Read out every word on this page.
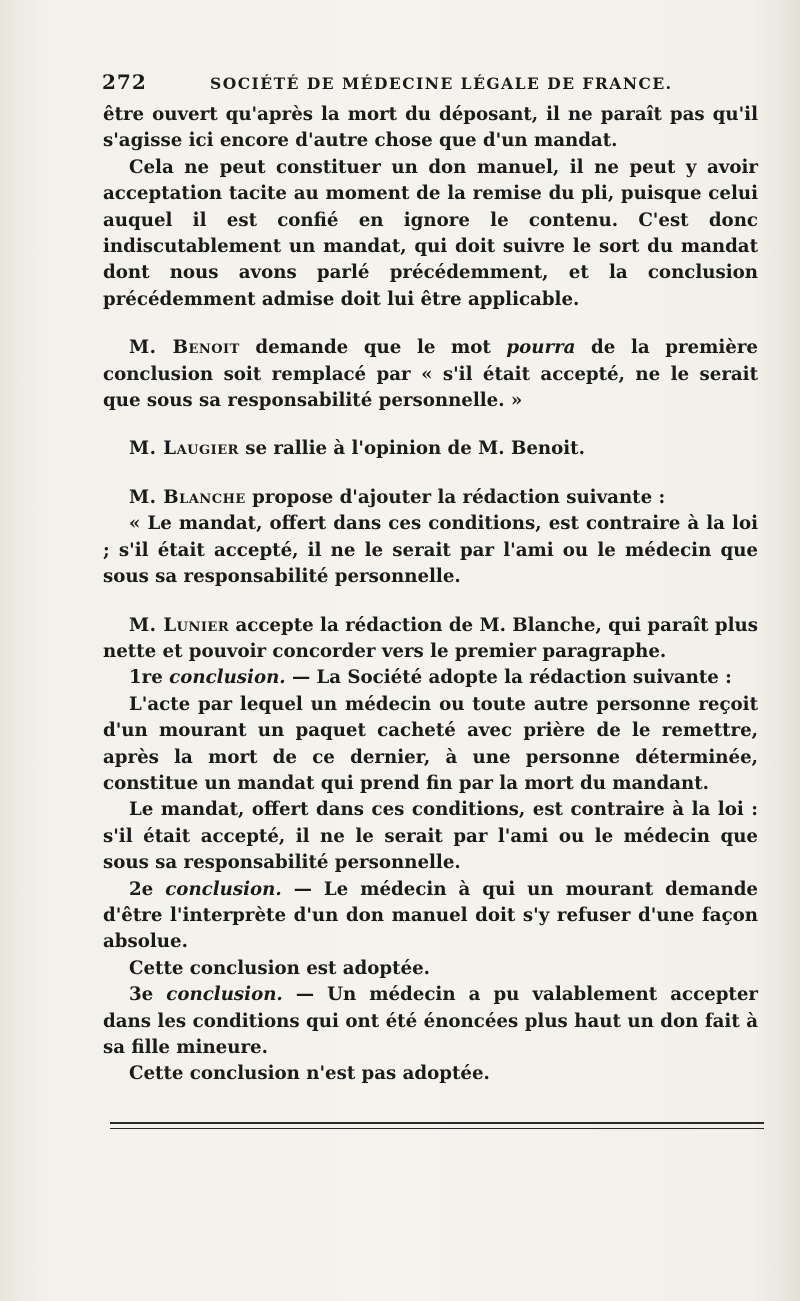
272	SOCIÉTÉ DE MÉDECINE LÉGALE DE FRANCE.

être ouvert qu'après la mort du déposant, il ne paraît pas qu'il s'agisse ici encore d'autre chose que d'un mandat.

Cela ne peut constituer un don manuel, il ne peut y avoir acceptation tacite au moment de la remise du pli, puisque celui auquel il est confié en ignore le contenu. C'est donc indiscutablement un mandat, qui doit suivre le sort du mandat dont nous avons parlé précédemment, et la conclusion précédemment admise doit lui être applicable.

M. Benoit demande que le mot pourra de la première conclusion soit remplacé par « s'il était accepté, ne le serait que sous sa responsabilité personnelle. »

M. Laugier se rallie à l'opinion de M. Benoit.

M. Blanche propose d'ajouter la rédaction suivante :

« Le mandat, offert dans ces conditions, est contraire à la loi ; s'il était accepté, il ne le serait par l'ami ou le médecin que sous sa responsabilité personnelle.

M. Lunier accepte la rédaction de M. Blanche, qui paraît plus nette et pouvoir concorder vers le premier paragraphe.

1re conclusion. — La Société adopte la rédaction suivante :

L'acte par lequel un médecin ou toute autre personne reçoit d'un mourant un paquet cacheté avec prière de le remettre, après la mort de ce dernier, à une personne déterminée, constitue un mandat qui prend fin par la mort du mandant.

Le mandat, offert dans ces conditions, est contraire à la loi : s'il était accepté, il ne le serait par l'ami ou le médecin que sous sa responsabilité personnelle.

2e conclusion. — Le médecin à qui un mourant demande d'être l'interprète d'un don manuel doit s'y refuser d'une façon absolue.

Cette conclusion est adoptée.

3e conclusion. — Un médecin a pu valablement accepter dans les conditions qui ont été énoncées plus haut un don fait à sa fille mineure.

Cette conclusion n'est pas adoptée.
